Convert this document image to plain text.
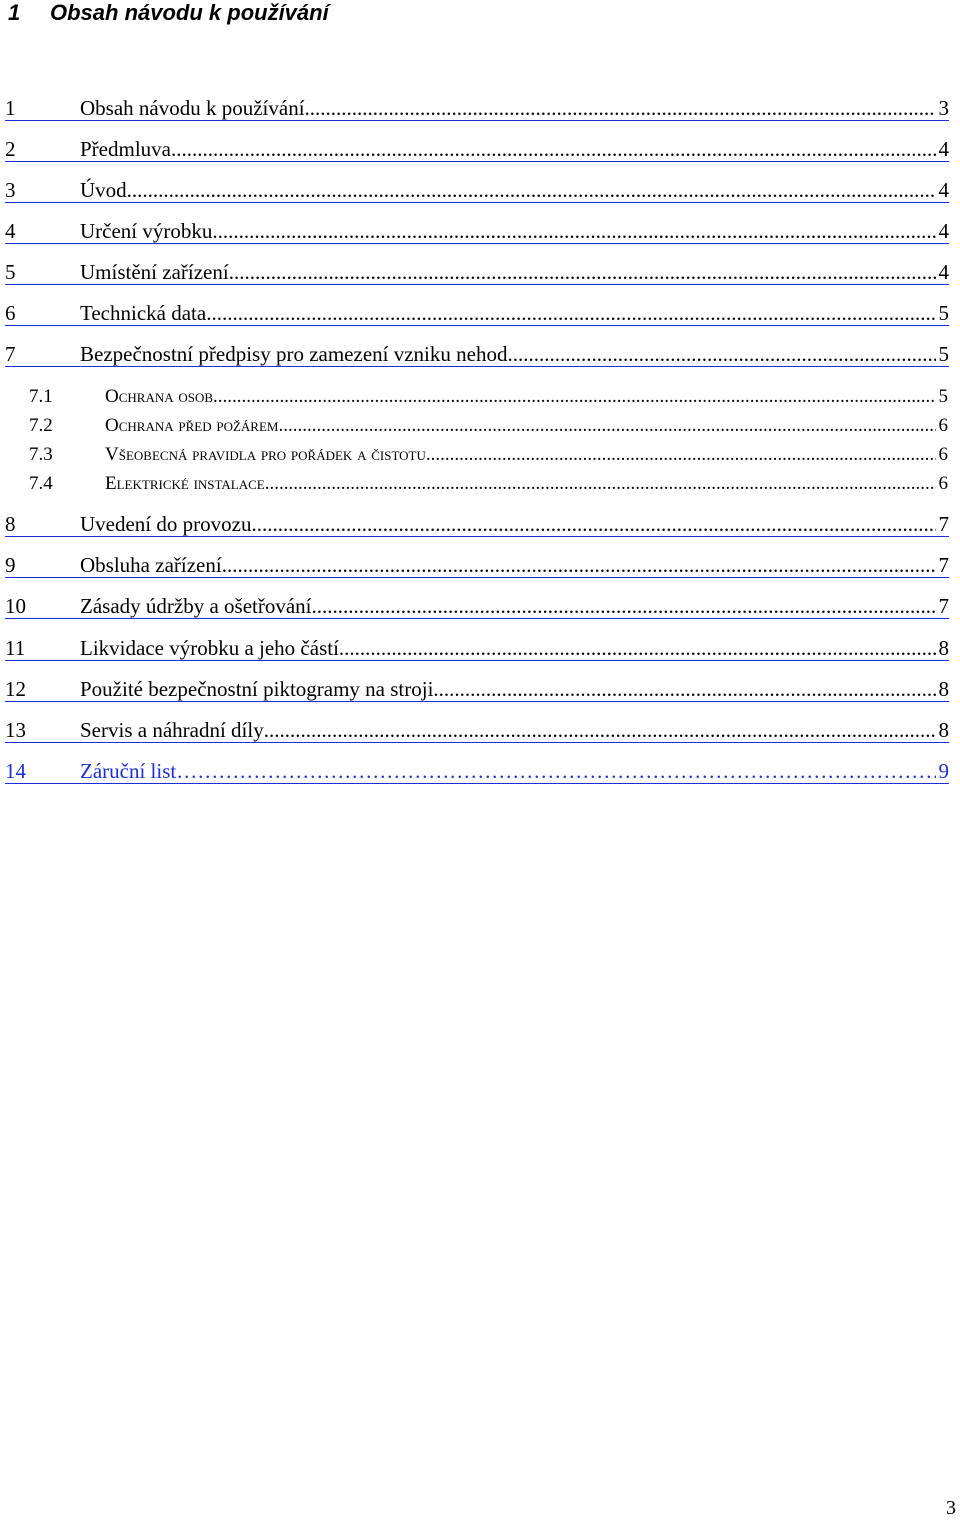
1 Obsah návodu k používání
1	Obsah návodu k používání .....	3
2	Předmluva .....	4
3	Úvod .....	4
4	Určení výrobku .....	4
5	Umístění zařízení .....	4
6	Technická data .....	5
7	Bezpečnostní předpisy pro zamezení vzniku nehod .....	5
7.1	Ochrana osob .....	5
7.2	Ochrana před požárem. .....	6
7.3	Všeobecná pravidla pro pořádek a čistotu .....	6
7.4	Elektrické instalace .....	6
8	Uvedení do provozu. .....	7
9	Obsluha zařízení. .....	7
10	Zásady údržby a ošetřování .....	7
11	Likvidace výrobku a jeho částí .....	8
12	Použité bezpečnostní piktogramy na stroji .....	8
13	Servis a náhradní díly .....	8
14	Záruční list ……………………………………………………………………………………………………………………………………	9
3
